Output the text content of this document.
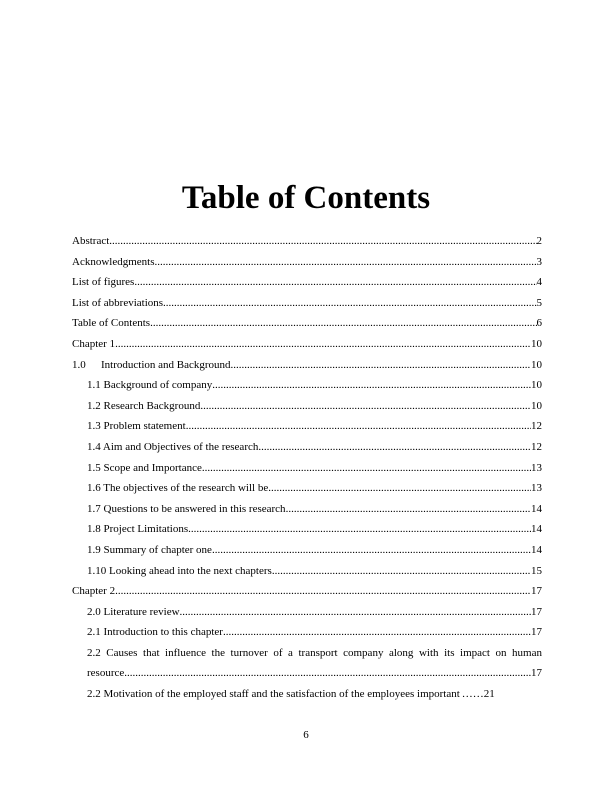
Table of Contents
Abstract .....	2
Acknowledgments .....	3
List of figures .....	4
List of abbreviations .....	5
Table of Contents .....	6
Chapter 1 .....	10
1.0 Introduction and Background .....	10
1.1 Background of company .....	10
1.2 Research Background .....	10
1.3 Problem statement .....	12
1.4 Aim and Objectives of the research .....	12
1.5 Scope and Importance .....	13
1.6 The objectives of the research will be .....	13
1.7 Questions to be answered in this research .....	14
1.8 Project Limitations .....	14
1.9 Summary of chapter one .....	14
1.10 Looking ahead into the next chapters .....	15
Chapter 2 .....	17
2.0 Literature review .....	17
2.1 Introduction to this chapter .....	17
2.2 Causes that influence the turnover of a transport company along with its impact on human
resource .....	17
2.2 Motivation of the employed staff and the satisfaction of the employees important …… 21
6
